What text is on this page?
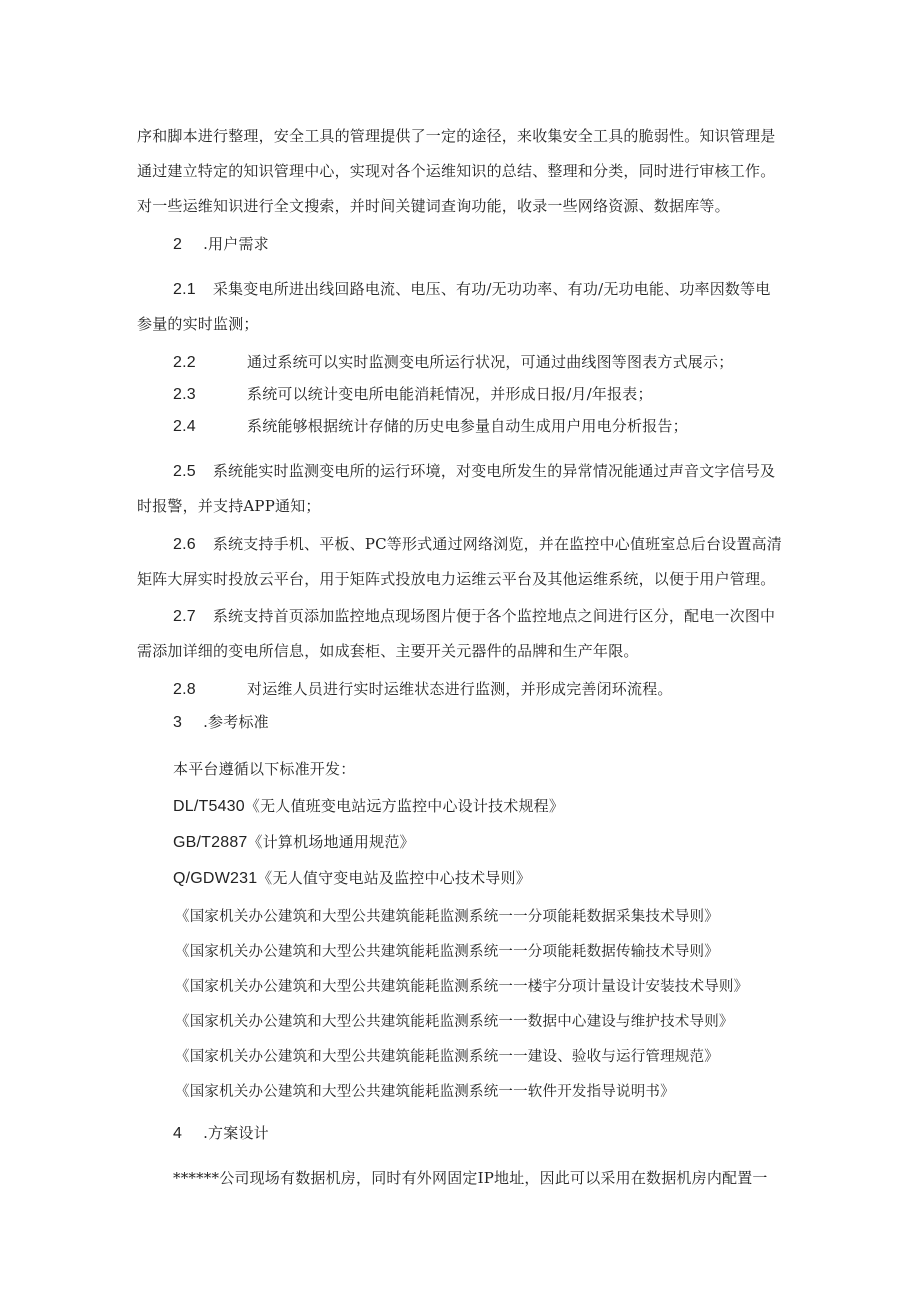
序和脚本进行整理，安全工具的管理提供了一定的途径，来收集安全工具的脆弱性。知识管理是
通过建立特定的知识管理中心，实现对各个运维知识的总结、整理和分类，同时进行审核工作。
对一些运维知识进行全文搜索，并时间关键词查询功能，收录一些网络资源、数据库等。
2 .用户需求
2.1 采集变电所进出线回路电流、电压、有功/无功功率、有功/无功电能、功率因数等电
参量的实时监测；
2.2	通过系统可以实时监测变电所运行状况，可通过曲线图等图表方式展示；
2.3	系统可以统计变电所电能消耗情况，并形成日报/月/年报表；
2.4	系统能够根据统计存储的历史电参量自动生成用户用电分析报告；
2.5 系统能实时监测变电所的运行环境，对变电所发生的异常情况能通过声音文字信号及
时报警，并支持APP通知；
2.6 系统支持手机、平板、PC等形式通过网络浏览，并在监控中心值班室总后台设置高清
矩阵大屏实时投放云平台，用于矩阵式投放电力运维云平台及其他运维系统，以便于用户管理。
2.7 系统支持首页添加监控地点现场图片便于各个监控地点之间进行区分，配电一次图中
需添加详细的变电所信息，如成套柜、主要开关元器件的品牌和生产年限。
2.8	对运维人员进行实时运维状态进行监测，并形成完善闭环流程。
3 .参考标准
本平台遵循以下标准开发：
DL/T5430《无人值班变电站远方监控中心设计技术规程》
GB/T2887《计算机场地通用规范》
Q/GDW231《无人值守变电站及监控中心技术导则》
《国家机关办公建筑和大型公共建筑能耗监测系统一一分项能耗数据采集技术导则》
《国家机关办公建筑和大型公共建筑能耗监测系统一一分项能耗数据传输技术导则》
《国家机关办公建筑和大型公共建筑能耗监测系统一一楼宇分项计量设计安装技术导则》
《国家机关办公建筑和大型公共建筑能耗监测系统一一数据中心建设与维护技术导则》
《国家机关办公建筑和大型公共建筑能耗监测系统一一建设、验收与运行管理规范》
《国家机关办公建筑和大型公共建筑能耗监测系统一一软件开发指导说明书》
4 .方案设计
******公司现场有数据机房，同时有外网固定IP地址，因此可以采用在数据机房内配置一
